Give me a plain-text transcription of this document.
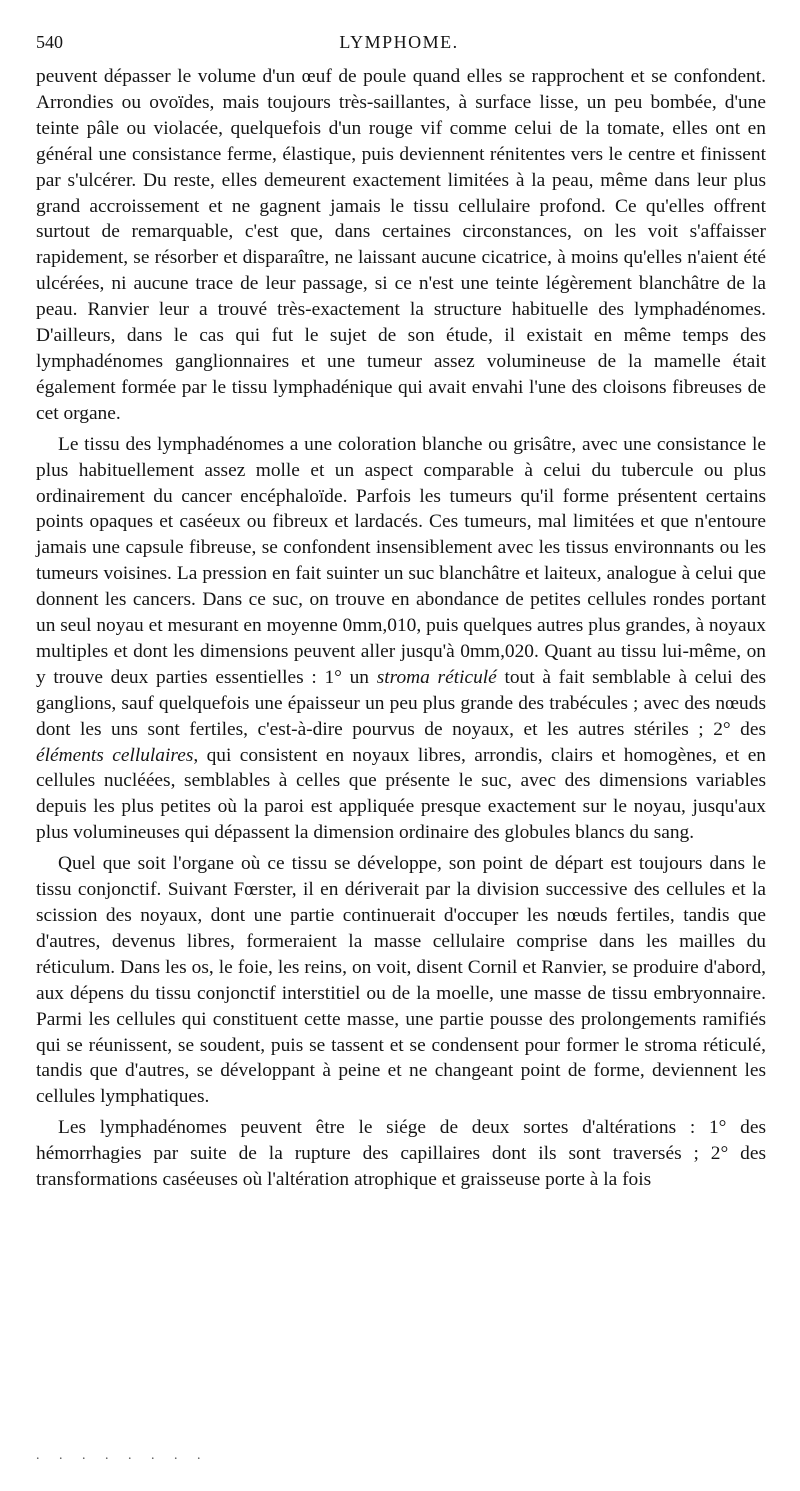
540	LYMPHOME.

peuvent dépasser le volume d'un œuf de poule quand elles se rapprochent et se confondent. Arrondies ou ovoïdes, mais toujours très-saillantes, à surface lisse, un peu bombée, d'une teinte pâle ou violacée, quelquefois d'un rouge vif comme celui de la tomate, elles ont en général une consistance ferme, élastique, puis deviennent rénitentes vers le centre et finissent par s'ulcérer. Du reste, elles demeurent exactement limitées à la peau, même dans leur plus grand accroissement et ne gagnent jamais le tissu cellulaire profond. Ce qu'elles offrent surtout de remarquable, c'est que, dans certaines circonstances, on les voit s'affaisser rapidement, se résorber et disparaître, ne laissant aucune cicatrice, à moins qu'elles n'aient été ulcérées, ni aucune trace de leur passage, si ce n'est une teinte légèrement blanchâtre de la peau. Ranvier leur a trouvé très-exactement la structure habituelle des lymphadénomes. D'ailleurs, dans le cas qui fut le sujet de son étude, il existait en même temps des lymphadénomes ganglionnaires et une tumeur assez volumineuse de la mamelle était également formée par le tissu lymphadénique qui avait envahi l'une des cloisons fibreuses de cet organe.

Le tissu des lymphadénomes a une coloration blanche ou grisâtre, avec une consistance le plus habituellement assez molle et un aspect comparable à celui du tubercule ou plus ordinairement du cancer encéphaloïde. Parfois les tumeurs qu'il forme présentent certains points opaques et caséeux ou fibreux et lardacés. Ces tumeurs, mal limitées et que n'entoure jamais une capsule fibreuse, se confondent insensiblement avec les tissus environnants ou les tumeurs voisines. La pression en fait suinter un suc blanchâtre et laiteux, analogue à celui que donnent les cancers. Dans ce suc, on trouve en abondance de petites cellules rondes portant un seul noyau et mesurant en moyenne 0mm,010, puis quelques autres plus grandes, à noyaux multiples et dont les dimensions peuvent aller jusqu'à 0mm,020. Quant au tissu lui-même, on y trouve deux parties essentielles : 1° un stroma réticulé tout à fait semblable à celui des ganglions, sauf quelquefois une épaisseur un peu plus grande des trabécules ; avec des nœuds dont les uns sont fertiles, c'est-à-dire pourvus de noyaux, et les autres stériles ; 2° des éléments cellulaires, qui consistent en noyaux libres, arrondis, clairs et homogènes, et en cellules nucléées, semblables à celles que présente le suc, avec des dimensions variables depuis les plus petites où la paroi est appliquée presque exactement sur le noyau, jusqu'aux plus volumineuses qui dépassent la dimension ordinaire des globules blancs du sang.

Quel que soit l'organe où ce tissu se développe, son point de départ est toujours dans le tissu conjonctif. Suivant Fœrster, il en dériverait par la division successive des cellules et la scission des noyaux, dont une partie continuerait d'occuper les nœuds fertiles, tandis que d'autres, devenus libres, formeraient la masse cellulaire comprise dans les mailles du réticulum. Dans les os, le foie, les reins, on voit, disent Cornil et Ranvier, se produire d'abord, aux dépens du tissu conjonctif interstitiel ou de la moelle, une masse de tissu embryonnaire. Parmi les cellules qui constituent cette masse, une partie pousse des prolongements ramifiés qui se réunissent, se soudent, puis se tassent et se condensent pour former le stroma réticulé, tandis que d'autres, se développant à peine et ne changeant point de forme, deviennent les cellules lymphatiques.

Les lymphadénomes peuvent être le siége de deux sortes d'altérations : 1° des hémorrhagies par suite de la rupture des capillaires dont ils sont traversés ; 2° des transformations caséeuses où l'altération atrophique et graisseuse porte à la fois

. . . . . . . .
